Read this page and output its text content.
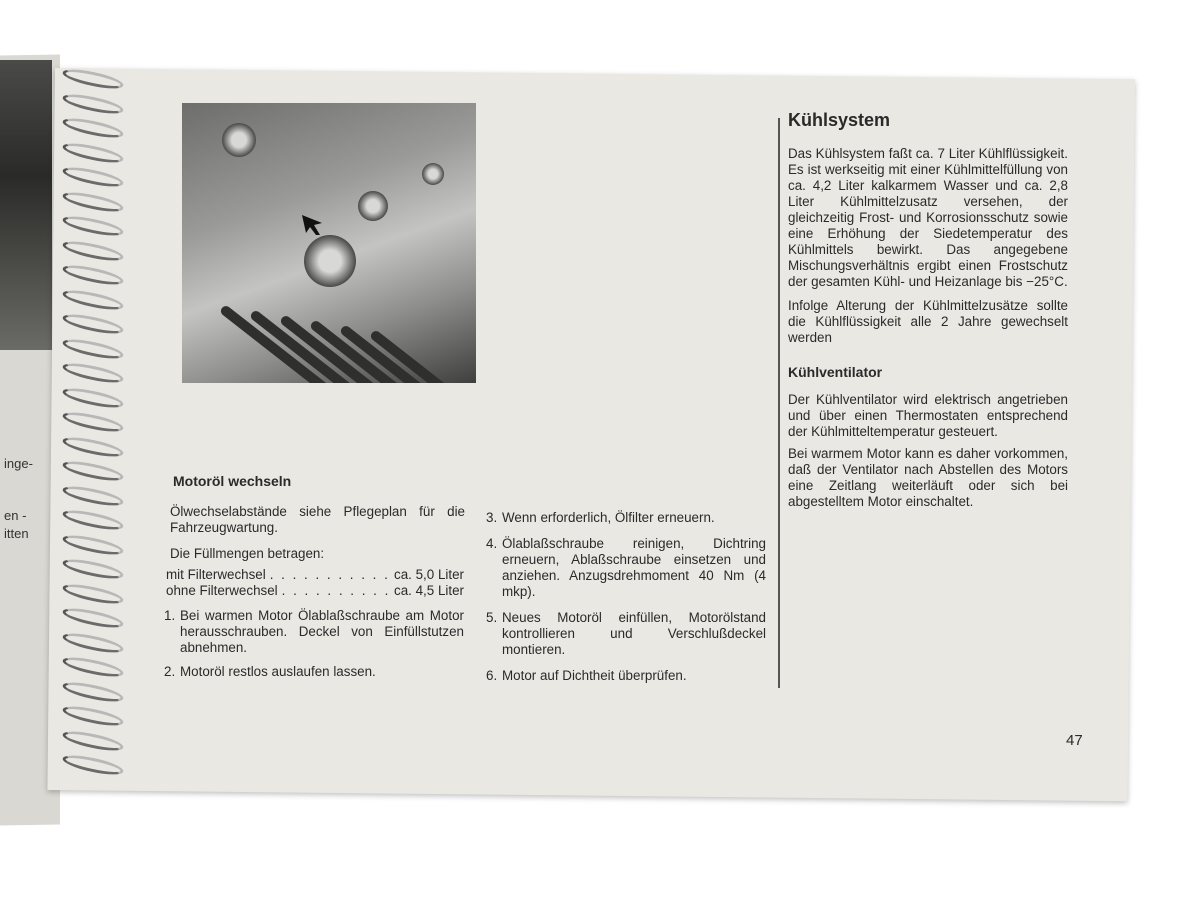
inge-
en -
itten
Motoröl wechseln
Ölwechselabstände siehe Pflegeplan für die Fahrzeugwartung.
Die Füllmengen betragen:
mit Filterwechsel . . . . . . . . . . . ca. 5,0 Liter
ohne Filterwechsel . . . . . . . . . . ca. 4,5 Liter
1. Bei warmen Motor Ölablaßschraube am Motor herausschrauben. Deckel von Einfüllstutzen abnehmen.
2. Motoröl restlos auslaufen lassen.
3. Wenn erforderlich, Ölfilter erneuern.
4. Ölablaßschraube reinigen, Dichtring erneuern, Ablaßschraube einsetzen und anziehen. Anzugsdrehmoment 40 Nm (4 mkp).
5. Neues Motoröl einfüllen, Motorölstand kontrollieren und Verschlußdeckel montieren.
6. Motor auf Dichtheit überprüfen.
Kühlsystem

Das Kühlsystem faßt ca. 7 Liter Kühlflüssigkeit. Es ist werkseitig mit einer Kühlmittelfüllung von ca. 4,2 Liter kalkarmem Wasser und ca. 2,8 Liter Kühlmittelzusatz versehen, der gleichzeitig Frost- und Korrosionsschutz sowie eine Erhöhung der Siedetemperatur des Kühlmittels bewirkt. Das angegebene Mischungsverhältnis ergibt einen Frostschutz der gesamten Kühl- und Heizanlage bis −25°C.

Infolge Alterung der Kühlmittelzusätze sollte die Kühlflüssigkeit alle 2 Jahre gewechselt werden

Kühlventilator

Der Kühlventilator wird elektrisch angetrieben und über einen Thermostaten entsprechend der Kühlmitteltemperatur gesteuert.

Bei warmem Motor kann es daher vorkommen, daß der Ventilator nach Abstellen des Motors eine Zeitlang weiterläuft oder sich bei abgestelltem Motor einschaltet.

47
